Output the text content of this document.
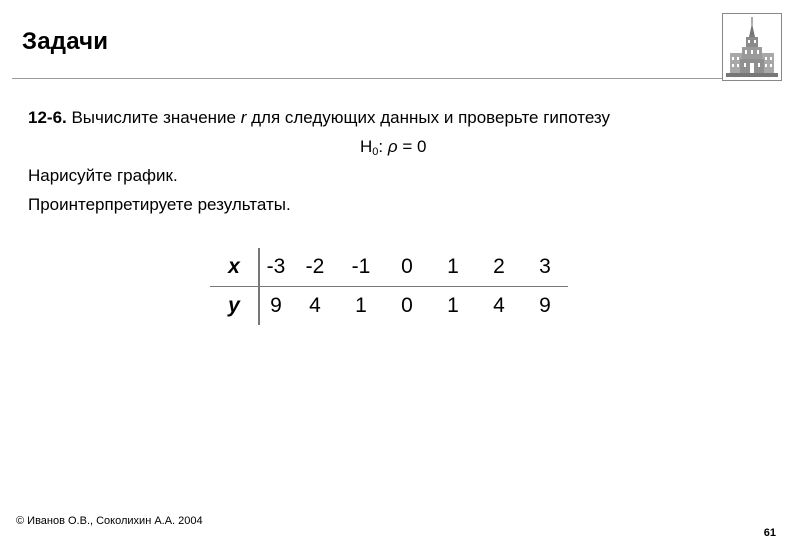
Задачи
12-6. Вычислите значение r для следующих данных и проверьте гипотезу
$H_0$: ρ = 0
Нарисуйте график.
Проинтерпретируете результаты.
x	-3	-2	-1	0	1	2	3
y	9	4	1	0	1	4	9
© Иванов О.В., Соколихин А.А. 2004
61
